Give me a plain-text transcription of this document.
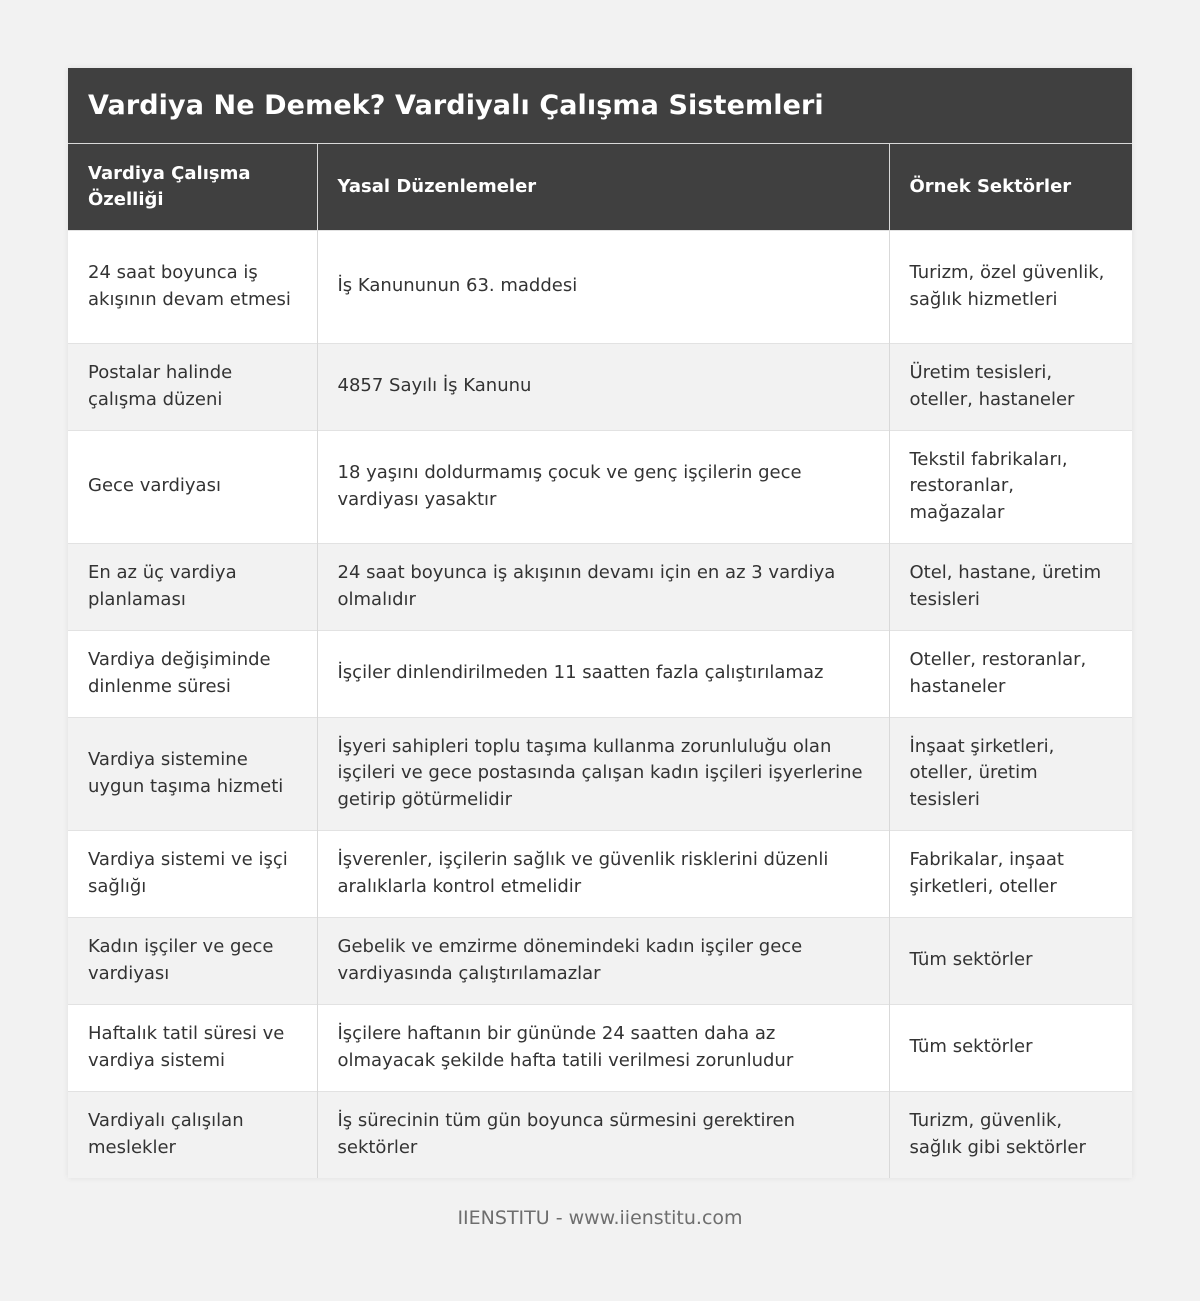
Vardiya Ne Demek? Vardiyalı Çalışma Sistemleri
Vardiya Çalışma Özelliği	Yasal Düzenlemeler	Örnek Sektörler
24 saat boyunca iş akışının devam etmesi	İş Kanununun 63. maddesi	Turizm, özel güvenlik, sağlık hizmetleri
Postalar halinde çalışma düzeni	4857 Sayılı İş Kanunu	Üretim tesisleri, oteller, hastaneler
Gece vardiyası	18 yaşını doldurmamış çocuk ve genç işçilerin gece vardiyası yasaktır	Tekstil fabrikaları, restoranlar, mağazalar
En az üç vardiya planlaması	24 saat boyunca iş akışının devamı için en az 3 vardiya olmalıdır	Otel, hastane, üretim tesisleri
Vardiya değişiminde dinlenme süresi	İşçiler dinlendirilmeden 11 saatten fazla çalıştırılamaz	Oteller, restoranlar, hastaneler
Vardiya sistemine uygun taşıma hizmeti	İşyeri sahipleri toplu taşıma kullanma zorunluluğu olan işçileri ve gece postasında çalışan kadın işçileri işyerlerine getirip götürmelidir	İnşaat şirketleri, oteller, üretim tesisleri
Vardiya sistemi ve işçi sağlığı	İşverenler, işçilerin sağlık ve güvenlik risklerini düzenli aralıklarla kontrol etmelidir	Fabrikalar, inşaat şirketleri, oteller
Kadın işçiler ve gece vardiyası	Gebelik ve emzirme dönemindeki kadın işçiler gece vardiyasında çalıştırılamazlar	Tüm sektörler
Haftalık tatil süresi ve vardiya sistemi	İşçilere haftanın bir gününde 24 saatten daha az olmayacak şekilde hafta tatili verilmesi zorunludur	Tüm sektörler
Vardiyalı çalışılan meslekler	İş sürecinin tüm gün boyunca sürmesini gerektiren sektörler	Turizm, güvenlik, sağlık gibi sektörler
IIENSTITU - www.iienstitu.com
